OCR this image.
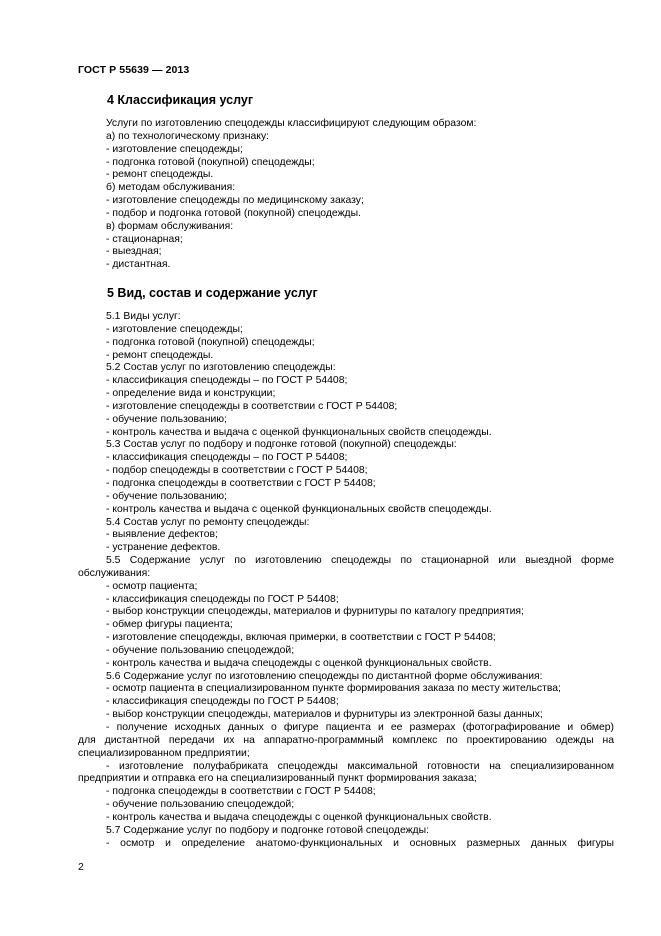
ГОСТ Р 55639 — 2013
4 Классификация услуг
Услуги по изготовлению спецодежды классифицируют следующим образом:
а) по технологическому признаку:
- изготовление спецодежды;
- подгонка готовой (покупной) спецодежды;
- ремонт спецодежды.
б) методам обслуживания:
- изготовление спецодежды по медицинскому заказу;
- подбор и подгонка готовой (покупной) спецодежды.
в) формам обслуживания:
- стационарная;
- выездная;
- дистантная.
5 Вид, состав и содержание услуг
5.1 Виды услуг:
- изготовление спецодежды;
- подгонка готовой (покупной) спецодежды;
- ремонт спецодежды.
5.2 Состав услуг по изготовлению спецодежды:
- классификация спецодежды – по ГОСТ Р 54408;
- определение вида и конструкции;
- изготовление спецодежды в соответствии с ГОСТ Р 54408;
- обучение пользованию;
- контроль качества и выдача с оценкой функциональных свойств спецодежды.
5.3 Состав услуг по подбору и подгонке готовой (покупной) спецодежды:
- классификация спецодежды – по ГОСТ Р 54408;
- подбор спецодежды в соответствии с ГОСТ Р 54408;
- подгонка спецодежды в соответствии с ГОСТ Р 54408;
- обучение пользованию;
- контроль качества и выдача с оценкой функциональных свойств спецодежды.
5.4 Состав услуг по ремонту спецодежды:
- выявление дефектов;
- устранение дефектов.
5.5 Содержание услуг по изготовлению спецодежды по стационарной или выездной форме
обслуживания:
- осмотр пациента;
- классификация спецодежды по ГОСТ Р 54408;
- выбор конструкции спецодежды, материалов и фурнитуры по каталогу предприятия;
- обмер фигуры пациента;
- изготовление спецодежды, включая примерки, в соответствии с ГОСТ Р 54408;
- обучение пользованию спецодеждой;
- контроль качества и выдача спецодежды с оценкой функциональных свойств.
5.6 Содержание услуг по изготовлению спецодежды по дистантной форме обслуживания:
- осмотр пациента в специализированном пункте формирования заказа по месту жительства;
- классификация спецодежды по ГОСТ Р 54408;
- выбор конструкции спецодежды, материалов и фурнитуры из электронной базы данных;
- получение исходных данных о фигуре пациента и ее размерах (фотографирование и обмер)
для дистантной передачи их на аппаратно-программный комплекс по проектированию одежды на
специализированном предприятии;
- изготовление полуфабриката спецодежды максимальной готовности на специализированном
предприятии и отправка его на специализированный пункт формирования заказа;
- подгонка спецодежды в соответствии с ГОСТ Р 54408;
- обучение пользованию спецодеждой;
- контроль качества и выдача спецодежды с оценкой функциональных свойств.
5.7 Содержание услуг по подбору и подгонке готовой спецодежды:
- осмотр и определение анатомо-функциональных и основных размерных данных фигуры
2
